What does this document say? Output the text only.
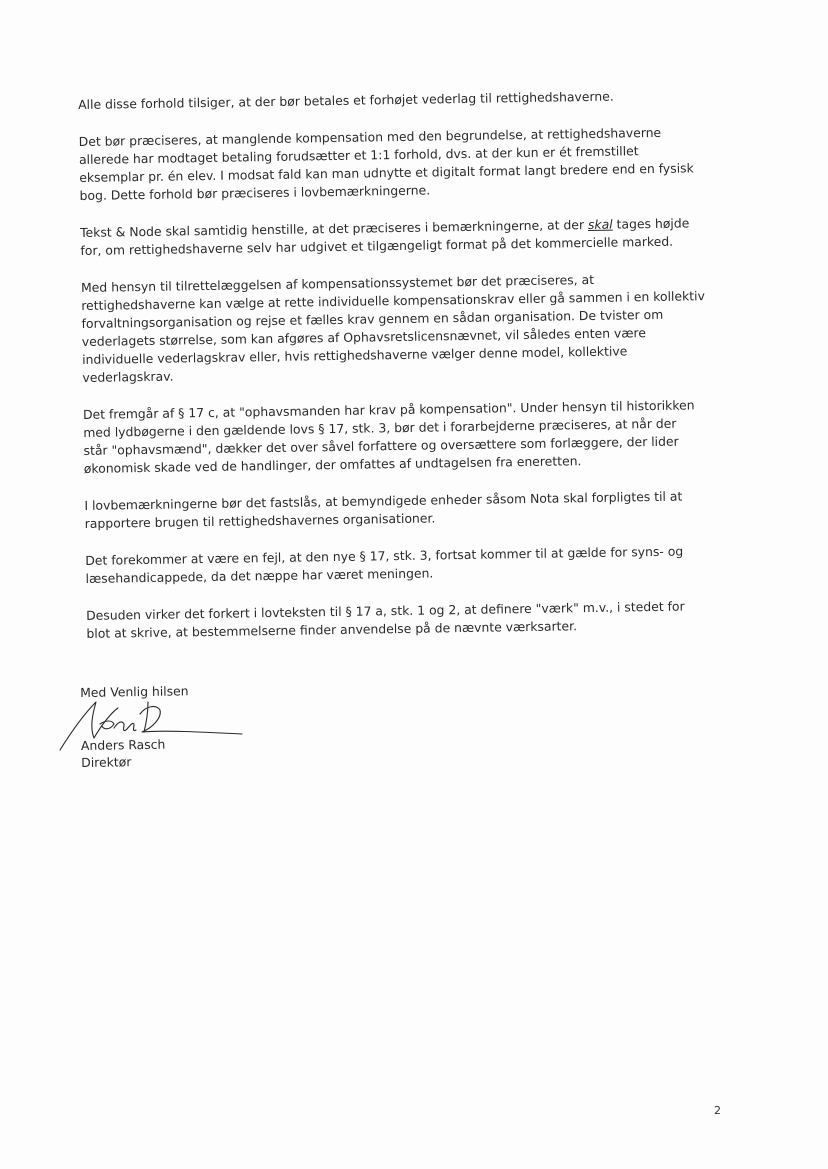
Alle disse forhold tilsiger, at der bør betales et forhøjet vederlag til rettighedshaverne.

Det bør præciseres, at manglende kompensation med den begrundelse, at rettighedshaverne
allerede har modtaget betaling forudsætter et 1:1 forhold, dvs. at der kun er ét fremstillet
eksemplar pr. én elev. I modsat fald kan man udnytte et digitalt format langt bredere end en fysisk
bog. Dette forhold bør præciseres i lovbemærkningerne.

Tekst & Node skal samtidig henstille, at det præciseres i bemærkningerne, at der skal tages højde
for, om rettighedshaverne selv har udgivet et tilgængeligt format på det kommercielle marked.

Med hensyn til tilrettelæggelsen af kompensationssystemet bør det præciseres, at
rettighedshaverne kan vælge at rette individuelle kompensationskrav eller gå sammen i en kollektiv
forvaltningsorganisation og rejse et fælles krav gennem en sådan organisation. De tvister om
vederlagets størrelse, som kan afgøres af Ophavsretslicensnævnet, vil således enten være
individuelle vederlagskrav eller, hvis rettighedshaverne vælger denne model, kollektive
vederlagskrav.

Det fremgår af § 17 c, at "ophavsmanden har krav på kompensation". Under hensyn til historikken
med lydbøgerne i den gældende lovs § 17, stk. 3, bør det i forarbejderne præciseres, at når der
står "ophavsmænd", dækker det over såvel forfattere og oversættere som forlæggere, der lider
økonomisk skade ved de handlinger, der omfattes af undtagelsen fra eneretten.

I lovbemærkningerne bør det fastslås, at bemyndigede enheder såsom Nota skal forpligtes til at
rapportere brugen til rettighedshavernes organisationer.

Det forekommer at være en fejl, at den nye § 17, stk. 3, fortsat kommer til at gælde for syns- og
læsehandicappede, da det næppe har været meningen.

Desuden virker det forkert i lovteksten til § 17 a, stk. 1 og 2, at definere "værk" m.v., i stedet for
blot at skrive, at bestemmelserne finder anvendelse på de nævnte værksarter.

Med Venlig hilsen
Anders Rasch
Direktør
2
